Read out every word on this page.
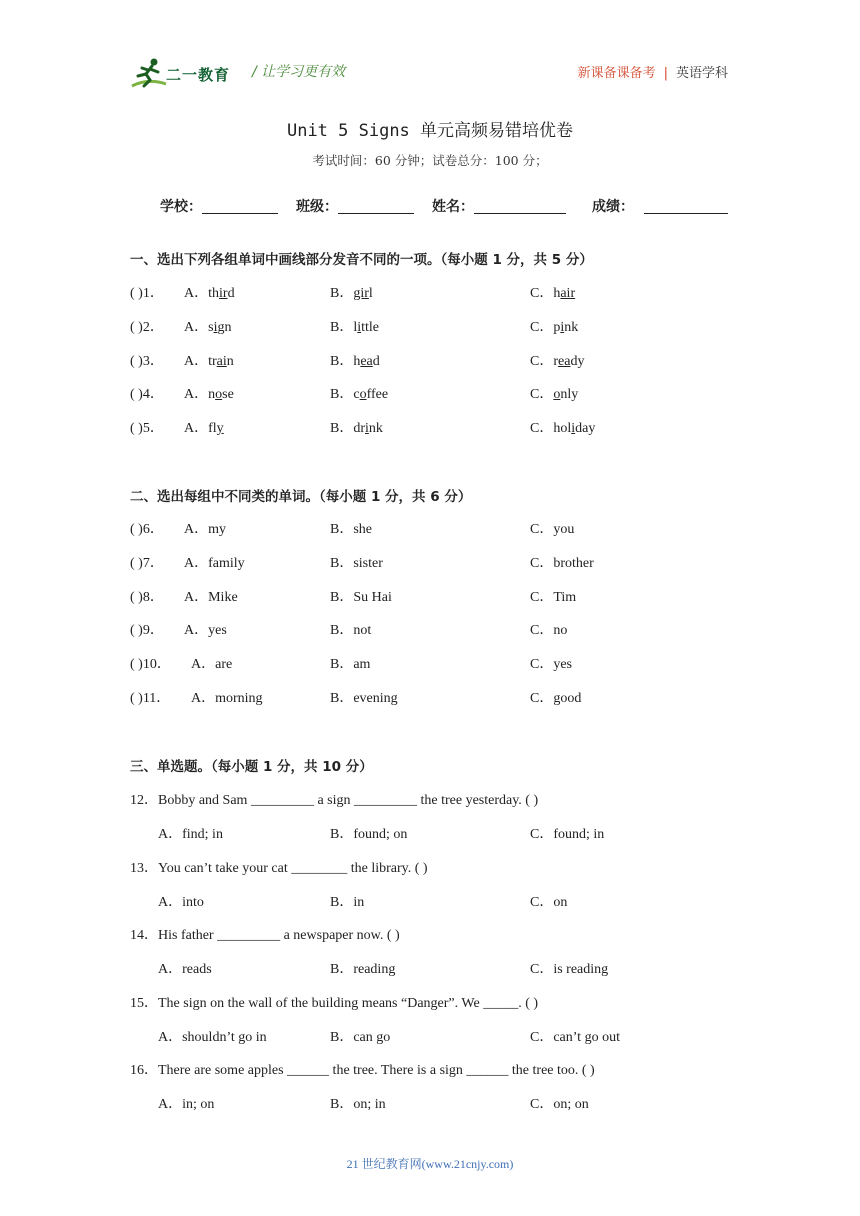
二一教育 / 让学习更有效	新课备课备考 | 英语学科
Unit 5 Signs 单元高频易错培优卷
考试时间：60 分钟；试卷总分：100 分；
学校：	班级：	姓名：	成绩：
一、选出下列各组单词中画线部分发音不同的一项。（每小题 1 分，共 5 分）
( )1． A．third	B．girl	C．hair
( )2． A．sign	B．little	C．pink
( )3． A．train	B．head	C．ready
( )4． A．nose	B．coffee	C．only
( )5． A．fly	B．drink	C．holiday
二、选出每组中不同类的单词。（每小题 1 分，共 6 分）
( )6． A．my	B．she	C．you
( )7． A．family	B．sister	C．brother
( )8． A．Mike	B．Su Hai	C．Tim
( )9． A．yes	B．not	C．no
( )10． A．are	B．am	C．yes
( )11． A．morning	B．evening	C．good
三、单选题。（每小题 1 分，共 10 分）
12．Bobby and Sam _________ a sign _________ the tree yesterday. ( )
A．find; in	B．found; on	C．found; in
13．You can’t take your cat ________ the library. ( )
A．into	B．in	C．on
14．His father _________ a newspaper now. ( )
A．reads	B．reading	C．is reading
15．The sign on the wall of the building means “Danger”. We _____. ( )
A．shouldn’t go in	B．can go	C．can’t go out
16．There are some apples ______ the tree. There is a sign ______ the tree too. ( )
A．in; on	B．on; in	C．on; on
21 世纪教育网(www.21cnjy.com)
